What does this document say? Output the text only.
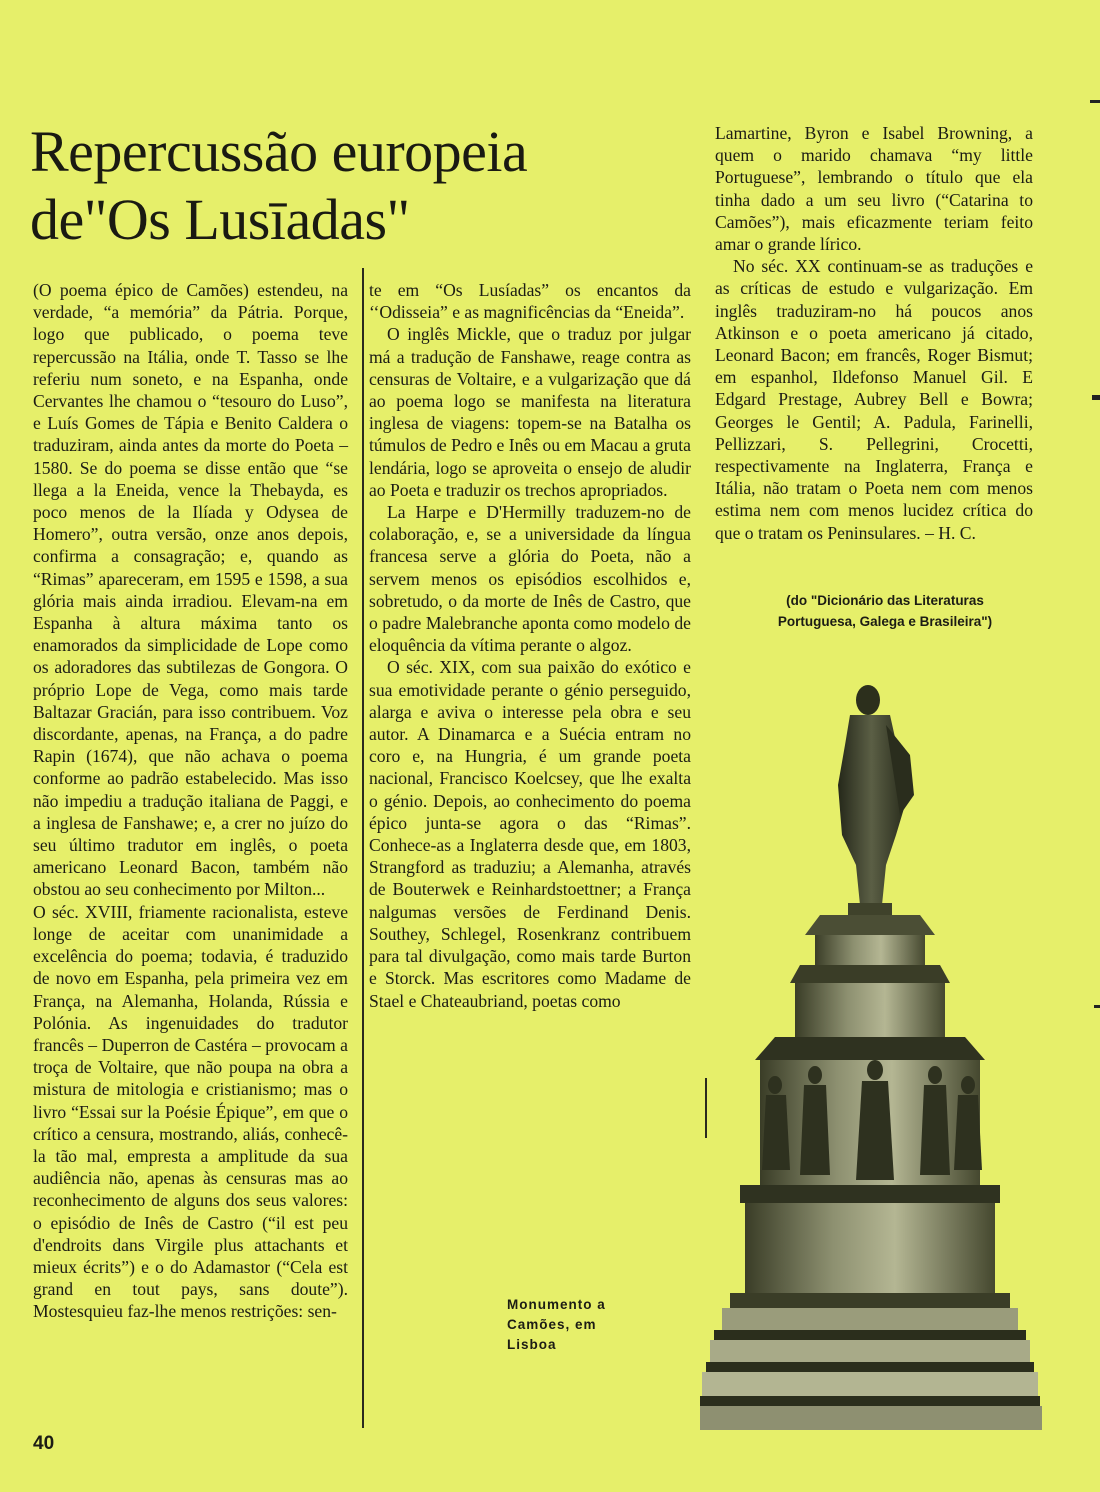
Repercussão europeia
de"Os Lusīadas"

(O poema épico de Camões) estendeu, na verdade, “a memória” da Pátria. Porque, logo que publicado, o poema teve repercussão na Itália, onde T. Tasso se lhe referiu num soneto, e na Espanha, onde Cervantes lhe chamou o “tesouro do Luso”, e Luís Gomes de Tápia e Benito Caldera o traduziram, ainda antes da morte do Poeta – 1580. Se do poema se disse então que “se llega a la Eneida, vence la Thebayda, es poco menos de la Ilíada y Odysea de Homero”, outra versão, onze anos depois, confirma a consagração; e, quando as “Rimas” apareceram, em 1595 e 1598, a sua glória mais ainda irradiou. Elevam-na em Espanha à altura máxima tanto os enamorados da simplicidade de Lope como os adoradores das subtilezas de Gongora. O próprio Lope de Vega, como mais tarde Baltazar Gracián, para isso contribuem. Voz discordante, apenas, na França, a do padre Rapin (1674), que não achava o poema conforme ao padrão estabelecido. Mas isso não impediu a tradução italiana de Paggi, e a inglesa de Fanshawe; e, a crer no juízo do seu último tradutor em inglês, o poeta americano Leonard Bacon, também não obstou ao seu conhecimento por Milton...

O séc. XVIII, friamente racionalista, esteve longe de aceitar com unanimidade a excelência do poema; todavia, é traduzido de novo em Espanha, pela primeira vez em França, na Alemanha, Holanda, Rússia e Polónia. As ingenuidades do tradutor francês – Duperron de Castéra – provocam a troça de Voltaire, que não poupa na obra a mistura de mitologia e cristianismo; mas o livro “Essai sur la Poésie Épique”, em que o crítico a censura, mostrando, aliás, conhecê-la tão mal, empresta a amplitude da sua audiência não, apenas às censuras mas ao reconhecimento de alguns dos seus valores: o episódio de Inês de Castro (“il est peu d'endroits dans Virgile plus attachants et mieux écrits”) e o do Adamastor (“Cela est grand en tout pays, sans doute”). Mostesquieu faz-lhe menos restrições: sen-

te em “Os Lusíadas” os encantos da ‘‘Odisseia” e as magnificências da “Eneida”.

O inglês Mickle, que o traduz por julgar má a tradução de Fanshawe, reage contra as censuras de Voltaire, e a vulgarização que dá ao poema logo se manifesta na literatura inglesa de viagens: topem-se na Batalha os túmulos de Pedro e Inês ou em Macau a gruta lendária, logo se aproveita o ensejo de aludir ao Poeta e traduzir os trechos apropriados.

La Harpe e D'Hermilly traduzem-no de colaboração, e, se a universidade da língua francesa serve a glória do Poeta, não a servem menos os episódios escolhidos e, sobretudo, o da morte de Inês de Castro, que o padre Malebranche aponta como modelo de eloquência da vítima perante o algoz.

O séc. XIX, com sua paixão do exótico e sua emotividade perante o génio perseguido, alarga e aviva o interesse pela obra e seu autor. A Dinamarca e a Suécia entram no coro e, na Hungria, é um grande poeta nacional, Francisco Koelcsey, que lhe exalta o génio. Depois, ao conhecimento do poema épico junta-se agora o das “Rimas”. Conhece-as a Inglaterra desde que, em 1803, Strangford as traduziu; a Alemanha, através de Bouterwek e Reinhardstoettner; a França nalgumas versões de Ferdinand Denis. Southey, Schlegel, Rosenkranz contribuem para tal divulgação, como mais tarde Burton e Storck. Mas escritores como Madame de Stael e Chateaubriand, poetas como

Lamartine, Byron e Isabel Browning, a quem o marido chamava “my little Portuguese”, lembrando o título que ela tinha dado a um seu livro (“Catarina to Camões”), mais eficazmente teriam feito amar o grande lírico.

No séc. XX continuam-se as traduções e as críticas de estudo e vulgarização. Em inglês traduziram-no há poucos anos Atkinson e o poeta americano já citado, Leonard Bacon; em francês, Roger Bismut; em espanhol, Ildefonso Manuel Gil. E Edgard Prestage, Aubrey Bell e Bowra; Georges le Gentil; A. Padula, Farinelli, Pellizzari, S. Pellegrini, Crocetti, respectivamente na Inglaterra, França e Itália, não tratam o Poeta nem com menos estima nem com menos lucidez crítica do que o tratam os Peninsulares. – H. C.

(do "Dicionário das Literaturas
Portuguesa, Galega e Brasileira")
Monumento a Camões, em Lisboa
40
